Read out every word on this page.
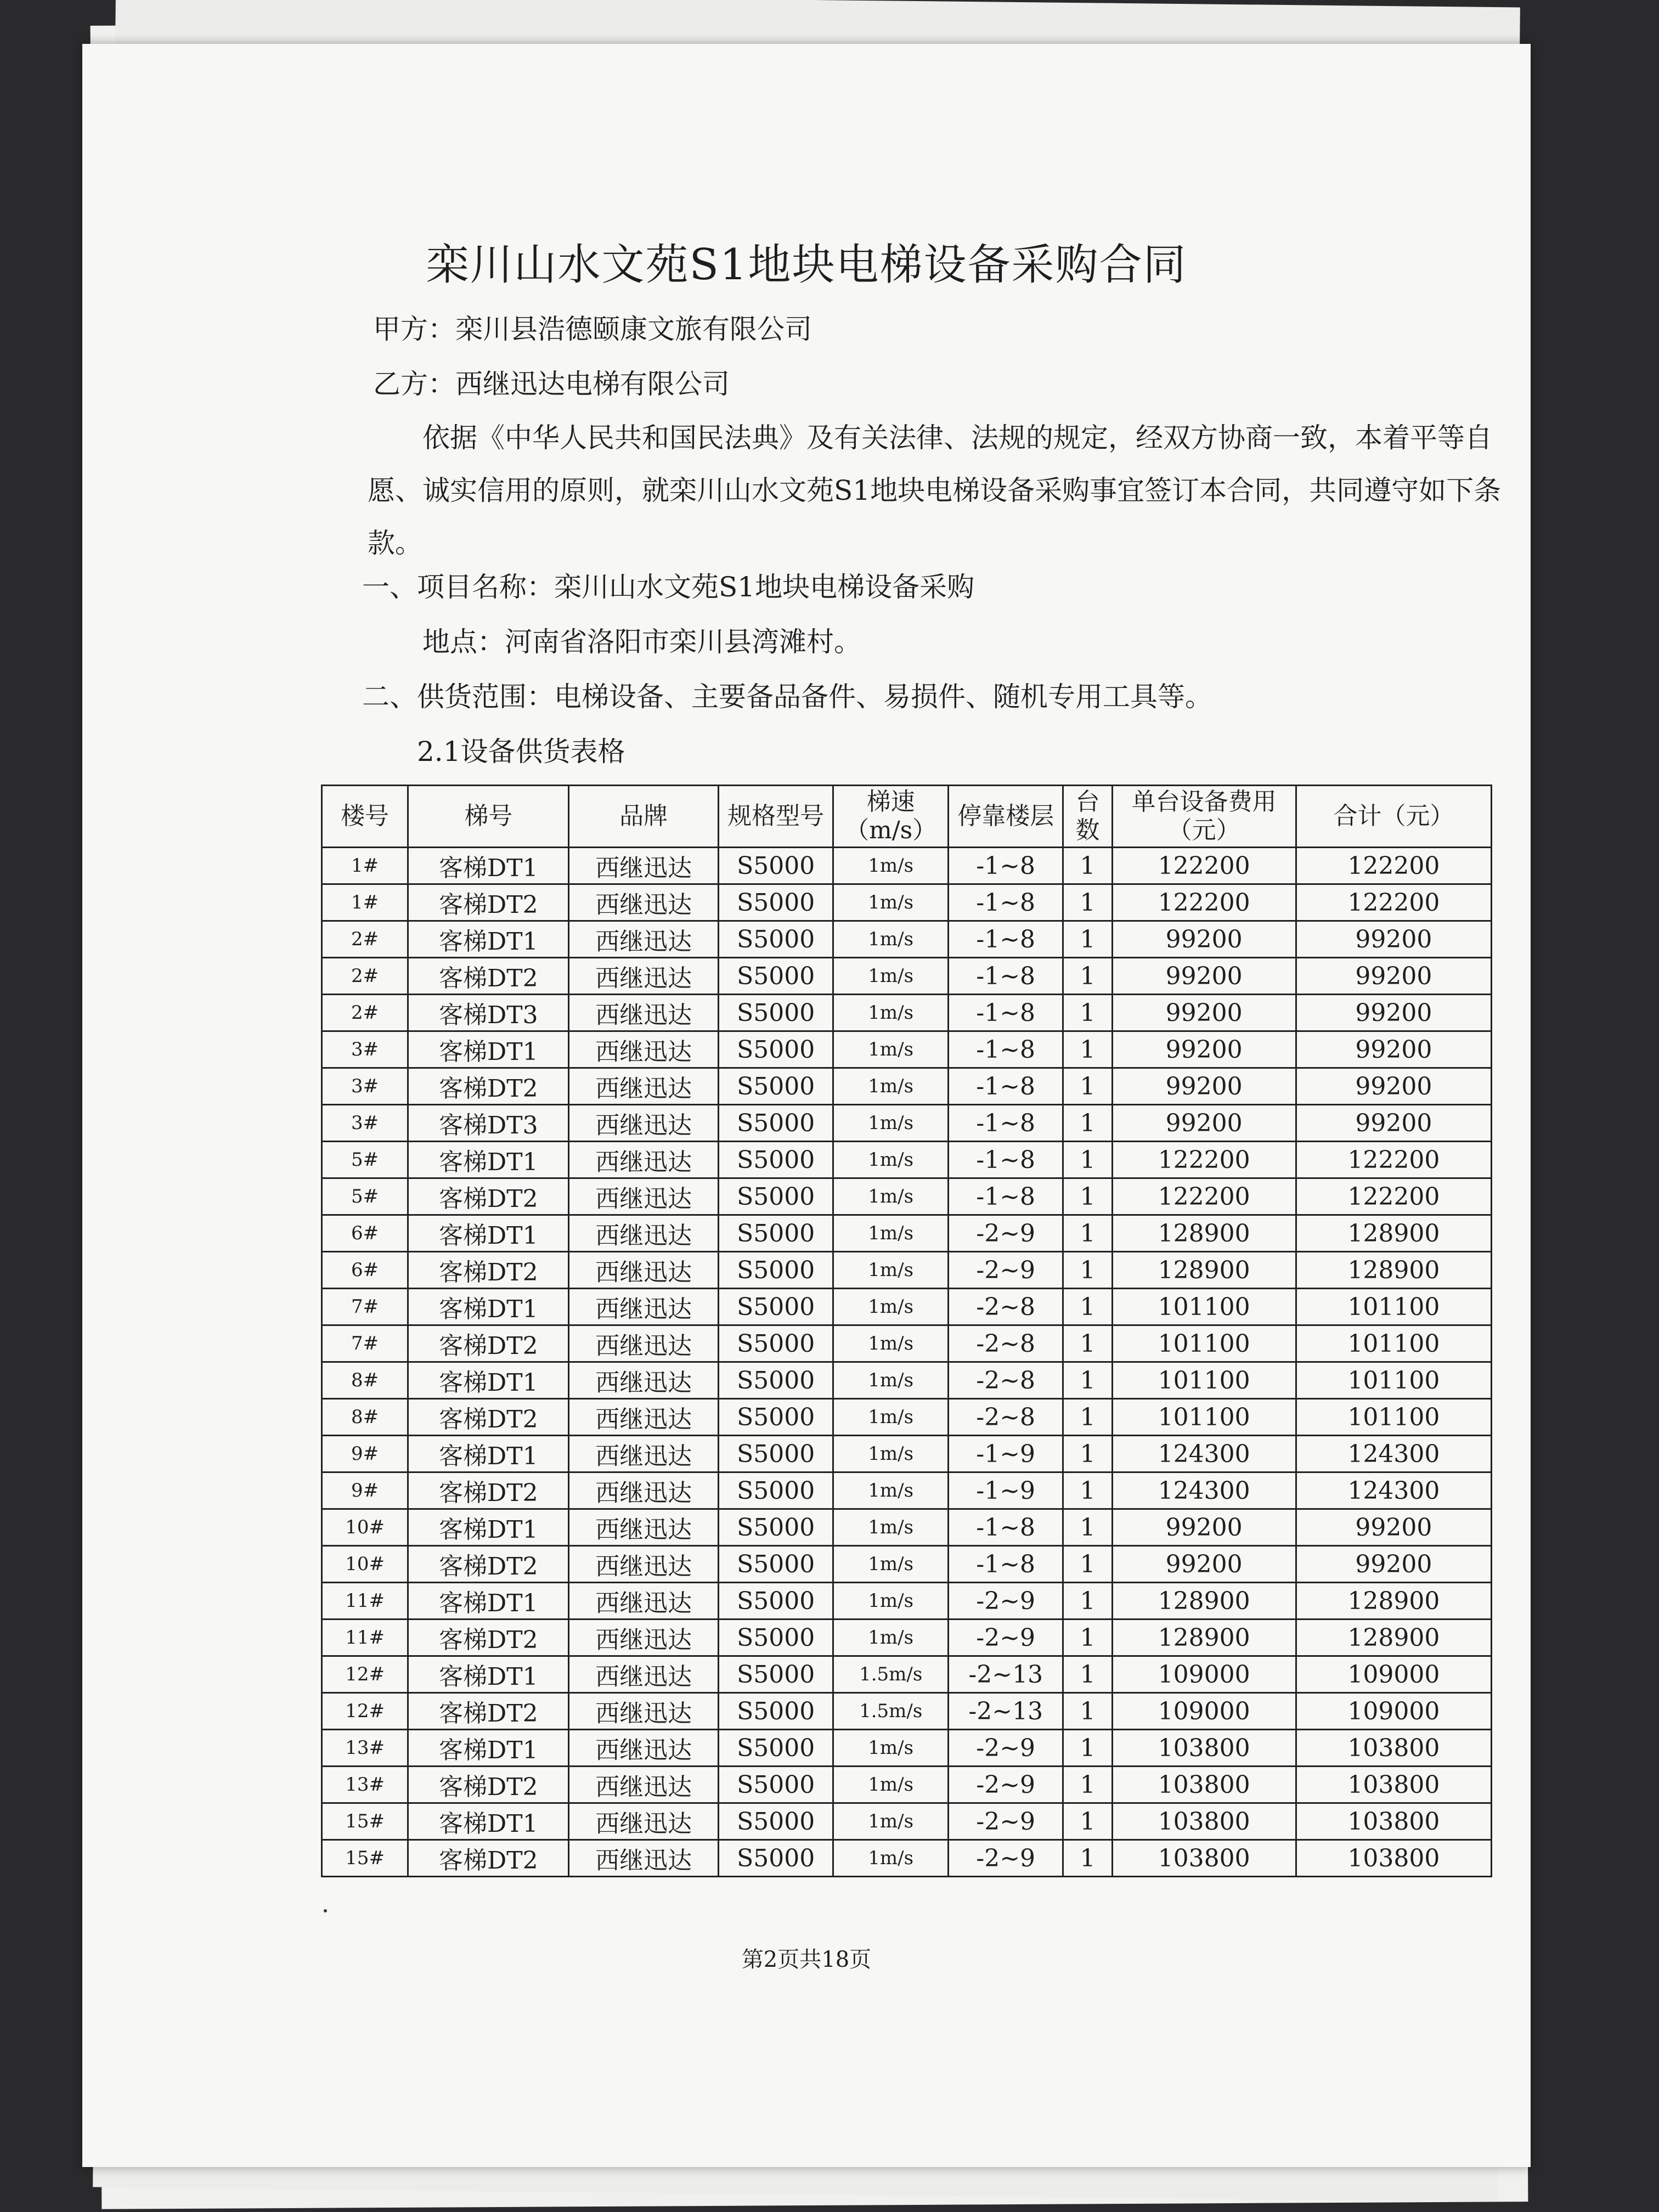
栾川山水文苑S1地块电梯设备采购合同
甲方：栾川县浩德颐康文旅有限公司
乙方：西继迅达电梯有限公司
依据《中华人民共和国民法典》及有关法律、法规的规定，经双方协商一致，本着平等自愿、诚实信用的原则，就栾川山水文苑S1地块电梯设备采购事宜签订本合同，共同遵守如下条款。
一、项目名称：栾川山水文苑S1地块电梯设备采购
地点：河南省洛阳市栾川县湾滩村。
二、供货范围：电梯设备、主要备品备件、易损件、随机专用工具等。
2.1设备供货表格
楼号	梯号	品牌	规格型号	梯速（m/s）	停靠楼层	台数	单台设备费用（元）	合计（元）
1#	客梯DT1	西继迅达	S5000	1m/s	-1~8	1	122200	122200
1#	客梯DT2	西继迅达	S5000	1m/s	-1~8	1	122200	122200
2#	客梯DT1	西继迅达	S5000	1m/s	-1~8	1	99200	99200
2#	客梯DT2	西继迅达	S5000	1m/s	-1~8	1	99200	99200
2#	客梯DT3	西继迅达	S5000	1m/s	-1~8	1	99200	99200
3#	客梯DT1	西继迅达	S5000	1m/s	-1~8	1	99200	99200
3#	客梯DT2	西继迅达	S5000	1m/s	-1~8	1	99200	99200
3#	客梯DT3	西继迅达	S5000	1m/s	-1~8	1	99200	99200
5#	客梯DT1	西继迅达	S5000	1m/s	-1~8	1	122200	122200
5#	客梯DT2	西继迅达	S5000	1m/s	-1~8	1	122200	122200
6#	客梯DT1	西继迅达	S5000	1m/s	-2~9	1	128900	128900
6#	客梯DT2	西继迅达	S5000	1m/s	-2~9	1	128900	128900
7#	客梯DT1	西继迅达	S5000	1m/s	-2~8	1	101100	101100
7#	客梯DT2	西继迅达	S5000	1m/s	-2~8	1	101100	101100
8#	客梯DT1	西继迅达	S5000	1m/s	-2~8	1	101100	101100
8#	客梯DT2	西继迅达	S5000	1m/s	-2~8	1	101100	101100
9#	客梯DT1	西继迅达	S5000	1m/s	-1~9	1	124300	124300
9#	客梯DT2	西继迅达	S5000	1m/s	-1~9	1	124300	124300
10#	客梯DT1	西继迅达	S5000	1m/s	-1~8	1	99200	99200
10#	客梯DT2	西继迅达	S5000	1m/s	-1~8	1	99200	99200
11#	客梯DT1	西继迅达	S5000	1m/s	-2~9	1	128900	128900
11#	客梯DT2	西继迅达	S5000	1m/s	-2~9	1	128900	128900
12#	客梯DT1	西继迅达	S5000	1.5m/s	-2~13	1	109000	109000
12#	客梯DT2	西继迅达	S5000	1.5m/s	-2~13	1	109000	109000
13#	客梯DT1	西继迅达	S5000	1m/s	-2~9	1	103800	103800
13#	客梯DT2	西继迅达	S5000	1m/s	-2~9	1	103800	103800
15#	客梯DT1	西继迅达	S5000	1m/s	-2~9	1	103800	103800
15#	客梯DT2	西继迅达	S5000	1m/s	-2~9	1	103800	103800
第2页共18页
